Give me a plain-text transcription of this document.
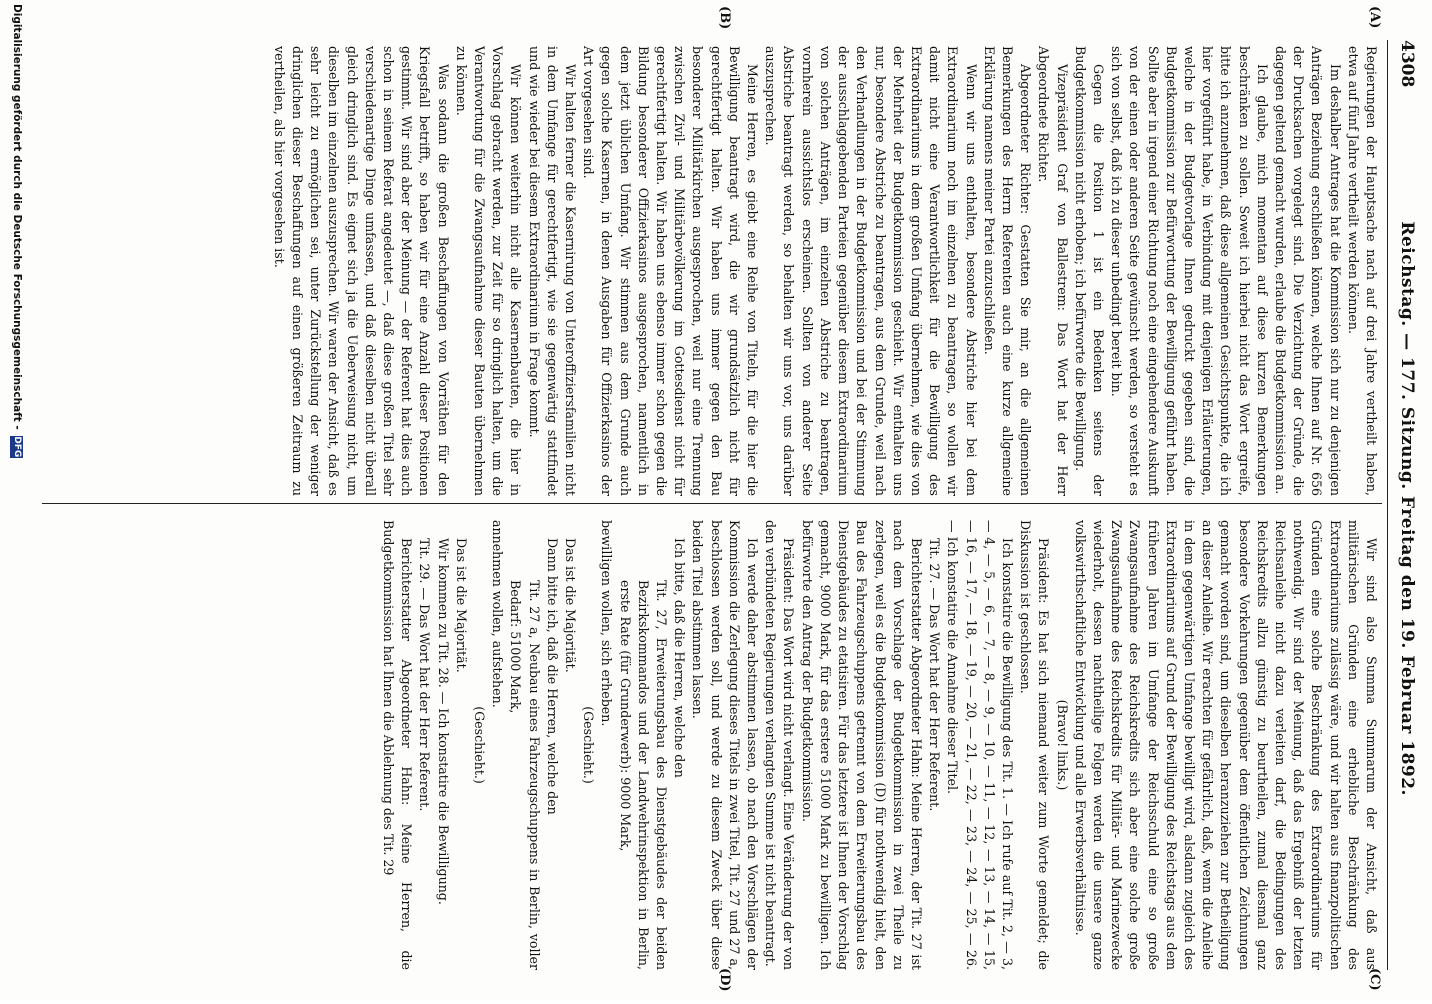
4308
Reichstag. — 177. Sitzung. Freitag den 19. Februar 1892.
(A)
(B)
(C)
(D)

Regierungen der Hauptsache nach auf drei Jahre vertheilt haben, etwa auf fünf Jahre vertheilt werden können.

Im deshalber Antrages hat die Kommission sich nur zu denjenigen Anträgen Beziehung erschließen können, welche Ihnen auf Nr. 656 der Drucksachen vorgelegt sind. Die Verzichtung der Gründe, die dagegen geltend gemacht wurden, erlaube die Budgetkommission an.

Ich glaube, mich momentan auf diese kurzen Bemerkungen beschränken zu sollen. Soweit ich hierbei nicht das Wort ergreife, bitte ich anzunehmen, daß diese allgemeinen Gesichtspunkte, die ich hier vorgeführt habe, in Verbindung mit denjenigen Erläuterungen, welche in der Budgetvorlage Ihnen gedruckt gegeben sind, die Budgetkommission zur Befürwortung der Bewilligung geführt haben. Sollte aber in irgend einer Richtung noch eine eingehendere Auskunft von der einen oder anderen Seite gewünscht werden, so versteht es sich von selbst, daß ich zu dieser unbedingt bereit bin.

Gegen die Position 1 ist ein Bedenken seitens der Budgetkommission nicht erhoben; ich befürworte die Bewilligung.

Vizepräsident Graf von Ballestrem: Das Wort hat der Herr Abgeordnete Richter.

Abgeordneter Richter: Gestatten Sie mir, an die allgemeinen Bemerkungen des Herrn Referenten auch eine kurze allgemeine Erklärung namens meiner Partei anzuschließen.

Wenn wir uns enthalten, besondere Abstriche hier bei dem Extraordinarium noch im einzelnen zu beantragen, so wollen wir damit nicht eine Verantwortlichkeit für die Bewilligung des Extraordinariums in dem großen Umfang übernehmen, wie dies von der Mehrheit der Budgetkommission geschieht. Wir enthalten uns nur, besondere Abstriche zu beantragen, aus dem Grunde, weil nach den Verhandlungen in der Budgetkommission und bei der Stimmung der ausschlaggebenden Parteien gegenüber diesem Extraordinarium von solchen Anträgen, im einzelnen Abstriche zu beantragen, vornherein aussichtslos erscheinen. Sollten von anderer Seite Abstriche beantragt werden, so behalten wir uns vor, uns darüber auszusprechen.

Meine Herren, es giebt eine Reihe von Titeln, für die hier die Bewilligung beantragt wird, die wir grundsätzlich nicht für gerechtfertigt halten. Wir haben uns immer gegen den Bau besonderer Militärkirchen ausgesprochen, weil nur eine Trennung zwischen Zivil- und Militärbevölkerung im Gottesdienst nicht für gerechtfertigt halten. Wir haben uns ebenso immer schon gegen die Bildung besonderer Offizierkasinos ausgesprochen, namentlich in dem jetzt üblichen Umfang. Wir stimmen aus dem Grunde auch gegen solche Kasernen, in denen Ausgaben für Offizierkasinos der Art vorgesehen sind.

Wir halten ferner die Kasernirung von Unteroffiziersfamilien nicht in dem Umfange für gerechtfertigt, wie sie gegenwärtig stattfindet und wie wieder bei diesem Extraordinarium in Frage kommt.

Wir können weiterhin nicht alle Kasernenbauten, die hier in Vorschlag gebracht werden, zur Zeit für so dringlich halten, um die Verantwortung für die Zwangsaufnahme dieser Bauten übernehmen zu können.

Was sodann die großen Beschaffungen von Vorräthen für den Kriegsfall betrifft, so haben wir für eine Anzahl dieser Positionen gestimmt. Wir sind aber der Meinung — der Referent hat dies auch schon in seinem Referat angedeutet —, daß diese großen Titel sehr verschiedenartige Dinge umfassen, und daß dieselben nicht überall gleich dringlich sind. Es eignet sich ja die Ueberweisung nicht, um dieselben im einzelnen auszusprechen. Wir waren der Ansicht, daß es sehr leicht zu ermöglichen sei, unter Zurückstellung der weniger dringlichen dieser Beschaffungen auf einen größeren Zeitraum zu vertheilen, als hier vorgesehen ist.

Wir sind also Summa Summarum der Ansicht, daß aus militärischen Gründen eine erhebliche Beschränkung des Extraordinariums zulässig wäre, und wir halten aus finanzpolitischen Gründen eine solche Beschränkung des Extraordinariums für nothwendig. Wir sind der Meinung, daß das Ergebniß der letzten Reichsanleihe nicht dazu verleiten darf, die Bedingungen des Reichskredits allzu günstig zu beurtheilen, zumal diesmal ganz besondere Vorkehrungen gegenüber dem öffentlichen Zeichnungen gemacht worden sind, um dieselben heranzuziehen zur Betheiligung an dieser Anleihe. Wir erachten für gefährlich, daß, wenn die Anleihe in dem gegenwärtigen Umfange bewilligt wird, alsdann zugleich des Extraordinariums auf Grund der Bewilligung des Reichstags aus dem früheren Jahren im Umfange der Reichsschuld eine so große Zwangsaufnahme des Reichskredits sich aber eine solche große Zwangsaufnahme des Reichskredits für Militär- und Marinezwecke wiederholt, dessen nachtheilige Folgen werden die unsere ganze volkswirthschaftliche Entwicklung und alle Erwerbsverhältnisse.

(Bravo! links.)

Präsident: Es hat sich niemand weiter zum Worte gemeldet; die Diskussion ist geschlossen.

Ich konstatire die Bewilligung des Tit. 1. — Ich rufe auf Tit. 2, — 3, — 4, — 5, — 6, — 7, — 8, — 9, — 10, — 11, — 12, — 13, — 14, — 15, — 16, — 17, — 18, — 19, — 20, — 21, — 22, — 23, — 24, — 25, — 26. — Ich konstatire die Annahme dieser Titel.

Tit. 27. — Das Wort hat der Herr Referent.

Berichterstatter Abgeordneter Hahn: Meine Herren, der Tit. 27 ist nach dem Vorschlage der Budgetkommission in zwei Theile zu zerlegen, weil es die Budgetkommission (D) für nothwendig hielt, den Bau des Fahrzeugschuppens getrennt von dem Erweiterungsbau des Dienstgebäudes zu etatisiren. Für das letztere ist Ihnen der Vorschlag gemacht, 9000 Mark, für das erstere 51000 Mark zu bewilligen. Ich befürworte den Antrag der Budgetkommission.

Präsident: Das Wort wird nicht verlangt. Eine Veränderung der von den verbündeten Regierungen verlangten Summe ist nicht beantragt.

Ich werde daher abstimmen lassen, ob nach den Vorschlägen der Kommission die Zerlegung dieses Titels in zwei Titel, Tit. 27 und 27 a, beschlossen werden soll, und werde zu diesem Zweck über diese beiden Titel abstimmen lassen.

Ich bitte, daß die Herren, welche den

Tit. 27, Erweiterungsbau des Dienstgebäudes der beiden Bezirkskommandos und der Landwehrinspektion in Berlin, erste Rate (für Grunderwerb): 9000 Mark,

bewilligen wollen, sich erheben.

(Geschieht.)

Das ist die Majorität.

Dann bitte ich, daß die Herren, welche den

Tit. 27 a, Neubau eines Fahrzeugschuppens in Berlin, voller Bedarf: 51000 Mark,

annehmen wollen, aufstehen.

(Geschieht.)

Das ist die Majorität.

Wir kommen zu Tit. 28. — Ich konstatire die Bewilligung.

Tit. 29. — Das Wort hat der Herr Referent.

Berichterstatter Abgeordneter Hahn: Meine Herren, die Budgetkommission hat Ihnen die Ablehnung des Tit. 29

Digitalisierung gefördert durch die Deutsche Forschungsgemeinschaft -
DFG
